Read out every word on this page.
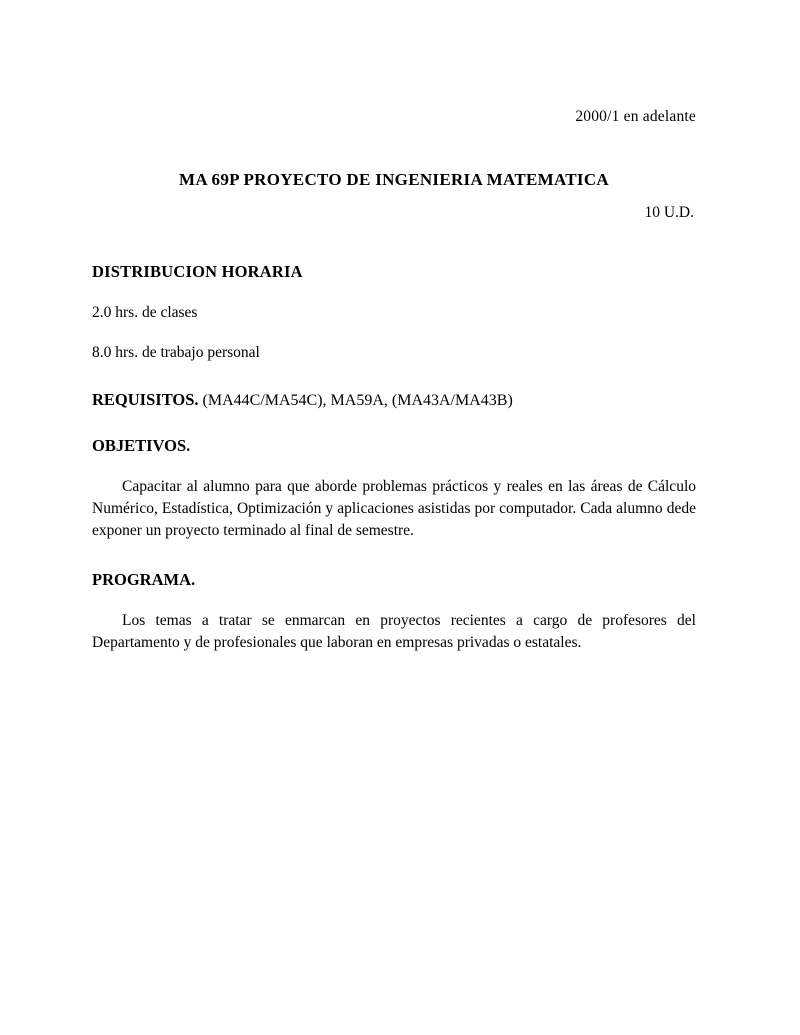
2000/1 en adelante
MA 69P PROYECTO DE INGENIERIA MATEMATICA
10 U.D.
DISTRIBUCION HORARIA
2.0 hrs. de clases
8.0 hrs. de trabajo personal
REQUISITOS. (MA44C/MA54C), MA59A, (MA43A/MA43B)
OBJETIVOS.
Capacitar al alumno para que aborde problemas prácticos y reales en las áreas de Cálculo Numérico, Estadística, Optimización y aplicaciones asistidas por computador. Cada alumno dede exponer un proyecto terminado al final de semestre.
PROGRAMA.
Los temas a tratar se enmarcan en proyectos recientes a cargo de profesores del Departamento y de profesionales que laboran en empresas privadas o estatales.
